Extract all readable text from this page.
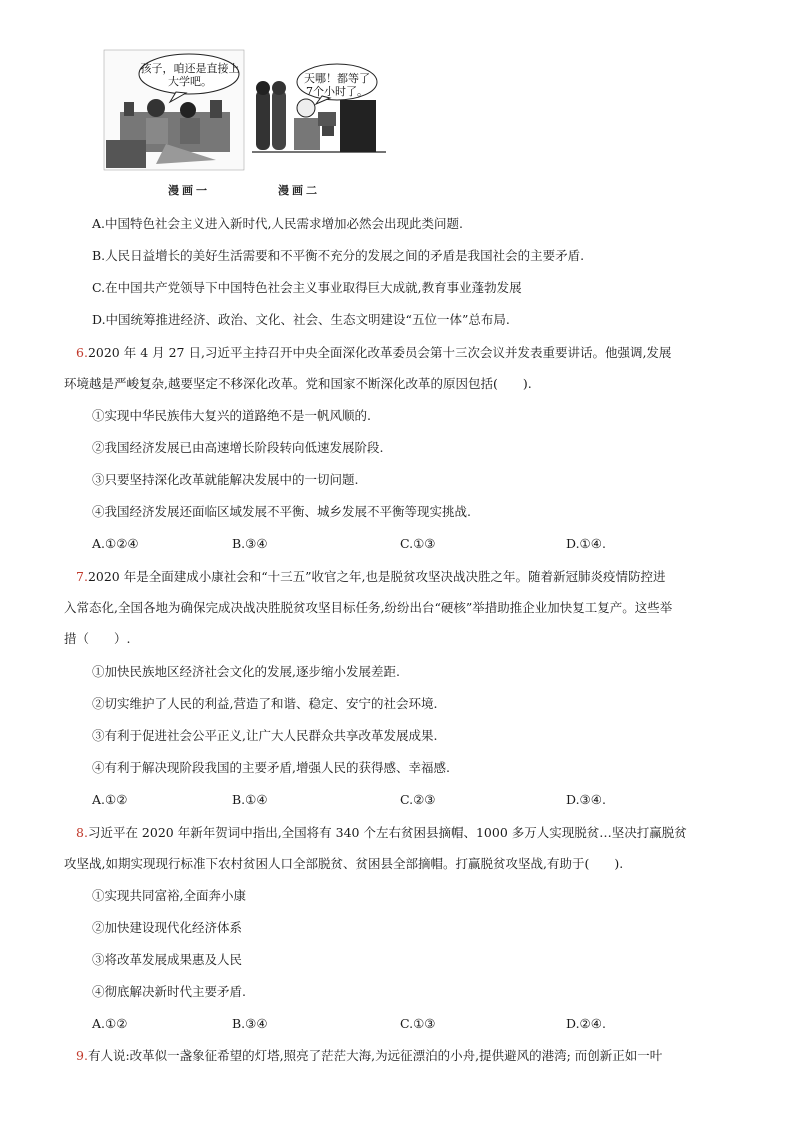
孩子，咱还是直接上大学吧。	天哪！都等了7个小时了。
漫画一	漫画二
A.中国特色社会主义进入新时代,人民需求增加必然会出现此类问题.
B.人民日益增长的美好生活需要和不平衡不充分的发展之间的矛盾是我国社会的主要矛盾.
C.在中国共产党领导下中国特色社会主义事业取得巨大成就,教育事业蓬勃发展
D.中国统筹推进经济、政治、文化、社会、生态文明建设“五位一体”总布局.
6.2020 年 4 月 27 日,习近平主持召开中央全面深化改革委员会第十三次会议并发表重要讲话。他强调,发展
环境越是严峻复杂,越要坚定不移深化改革。党和国家不断深化改革的原因包括(　　).
①实现中华民族伟大复兴的道路绝不是一帆风顺的.
②我国经济发展已由高速增长阶段转向低速发展阶段.
③只要坚持深化改革就能解决发展中的一切问题.
④我国经济发展还面临区域发展不平衡、城乡发展不平衡等现实挑战.
A.①②④	B.③④	C.①③	D.①④.
7.2020 年是全面建成小康社会和“十三五”收官之年,也是脱贫攻坚决战决胜之年。随着新冠肺炎疫情防控进
入常态化,全国各地为确保完成决战决胜脱贫攻坚目标任务,纷纷出台“硬核”举措助推企业加快复工复产。这些举
措（　　）.
①加快民族地区经济社会文化的发展,逐步缩小发展差距.
②切实维护了人民的利益,营造了和谐、稳定、安宁的社会环境.
③有利于促进社会公平正义,让广大人民群众共享改革发展成果.
④有利于解决现阶段我国的主要矛盾,增强人民的获得感、幸福感.
A.①②	B.①④	C.②③	D.③④.
8.习近平在 2020 年新年贺词中指出,全国将有 340 个左右贫困县摘帽、1000 多万人实现脱贫…坚决打赢脱贫
攻坚战,如期实现现行标准下农村贫困人口全部脱贫、贫困县全部摘帽。打赢脱贫攻坚战,有助于(　　).
①实现共同富裕,全面奔小康
②加快建设现代化经济体系
③将改革发展成果惠及人民
④彻底解决新时代主要矛盾.
A.①②	B.③④	C.①③	D.②④.
9.有人说:改革似一盏象征希望的灯塔,照亮了茫茫大海,为远征漂泊的小舟,提供避风的港湾; 而创新正如一叶
